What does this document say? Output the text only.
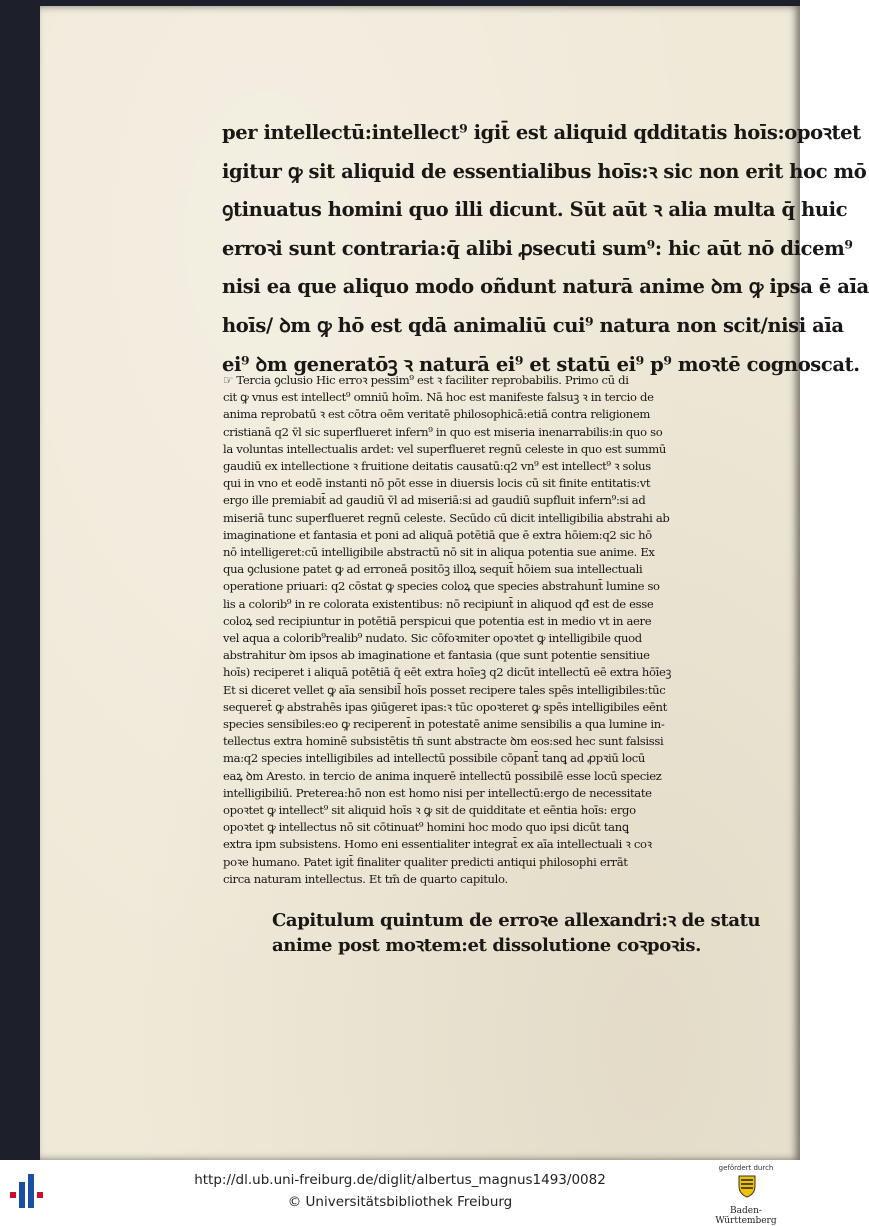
per intellectū:intellect⁹ igit̄ est aliquid qdditatis hoīs:opoꝛtet
igitur ꝙ sit aliquid de essentialibus hoīs:ꝛ sic non erit hoc mō
ꝯtinuatus homini quo illi dicunt. Sūt aūt ꝛ alia multa q̄ huic
erroꝛi sunt contraria:q̄ alibi ꝓsecuti sum⁹: hic aūt nō dicem⁹
nisi ea que aliquo modo oñdunt naturā anime ꝺm ꝙ ipsa ē aīa
hoīs/ ꝺm ꝙ hō est qdā animaliū cui⁹ natura non scit/nisi aīa
ei⁹ ꝺm generatōꝫ ꝛ naturā ei⁹ et statū ei⁹ p⁹ moꝛtē cognoscat.
☞ Tercia ꝯclusio Hic erroꝛ pessim⁹ est ꝛ faciliter reprobabilis. Primo cū di
cit ꝙ vnus est intellect⁹ omniū hoīm. Nā hoc est manifeste falsuꝫ ꝛ in tercio de
anima reprobatū ꝛ est cōtra oēm veritatē philosophicā:etiā contra religionem
cristianā q2 v̄l sic superflueret infern⁹ in quo est miseria inenarrabilis:in quo so
la voluntas intellectualis ardet: vel superflueret regnū celeste in quo est summū
gaudiū ex intellectione ꝛ fruitione deitatis causatū:q2 vn⁹ est intellect⁹ ꝛ solus
qui in vno et eodē instanti nō pōt esse in diuersis locis cū sit finite entitatis:vt
ergo ille premiabit̄ ad gaudiū v̄l ad miseriā:si ad gaudiū supfluit infern⁹:si ad
miseriā tunc superflueret regnū celeste. Secūdo cū dicit intelligibilia abstrahi ab
imaginatione et fantasia et poni ad aliquā potētiā que ē extra hōiem:q2 sic hō
nō intelligeret:cū intelligibile abstractū nō sit in aliqua potentia sue anime. Ex
qua ꝯclusione patet ꝙ ad erroneā positōꝫ illoꝝ sequit̄ hōiem sua intellectuali
operatione priuari: q2 cōstat ꝙ species coloꝝ que species abstrahunt̄ lumine so
lis a colorib⁹ in re colorata existentibus: nō recipiunt̄ in aliquod qđ est de esse
coloꝝ sed recipiuntur in potētiā perspicui que potentia est in medio vt in aere
vel aqua a colorib⁹realib⁹ nudato. Sic cōfoꝛmiter opoꝛtet ꝙ intelligibile quod
abstrahitur ꝺm ipsos ab imaginatione et fantasia (que sunt potentie sensitiue
hoīs) reciperet i aliquā potētiā q̄ eēt extra hoīeꝫ q2 dicūt intellectū eē extra hōīeꝫ
Et si diceret vellet ꝙ aīa sensibil̄ hoīs posset recipere tales spēs intelligibiles:tūc
sequeret̄ ꝙ abstrahēs ipas ꝯiūgeret ipas:ꝛ tūc opoꝛteret ꝙ spēs intelligibiles eēnt
species sensibiles:eo ꝙ reciperent̄ in potestatē anime sensibilis a qua lumine in-
tellectus extra hominē subsistētis tn̄ sunt abstracte ꝺm eos:sed hec sunt falsissi
ma:q2 species intelligibiles ad intellectū possibile cōpant̄ tanꝗ ad ꝓpꝛiū locū
eaꝝ ꝺm Aresto. in tercio de anima inquerē intellectū possibilē esse locū speciez
intelligibiliū. Preterea:hō non est homo nisi per intellectū:ergo de necessitate
opoꝛtet ꝙ intellect⁹ sit aliquid hoīs ꝛ ꝙ sit de quidditate et eēntia hoīs: ergo
opoꝛtet ꝙ intellectus nō sit cōtinuat⁹ homini hoc modo quo ipsi dicūt tanꝗ
extra ipm subsistens. Homo eni essentialiter integrat̄ ex aīa intellectuali ꝛ coꝛ
poꝛe humano. Patet igit̄ finaliter qualiter predicti antiqui philosophi errāt
circa naturam intellectus. Et tm̄ de quarto capitulo.
Capitulum quintum de erroꝛe allexandri:ꝛ de statu
anime post moꝛtem:et dissolutione coꝛpoꝛis.
http://dl.ub.uni-freiburg.de/diglit/albertus_magnus1493/0082
© Universitätsbibliothek Freiburg
gefördert durch
Baden-Württemberg
